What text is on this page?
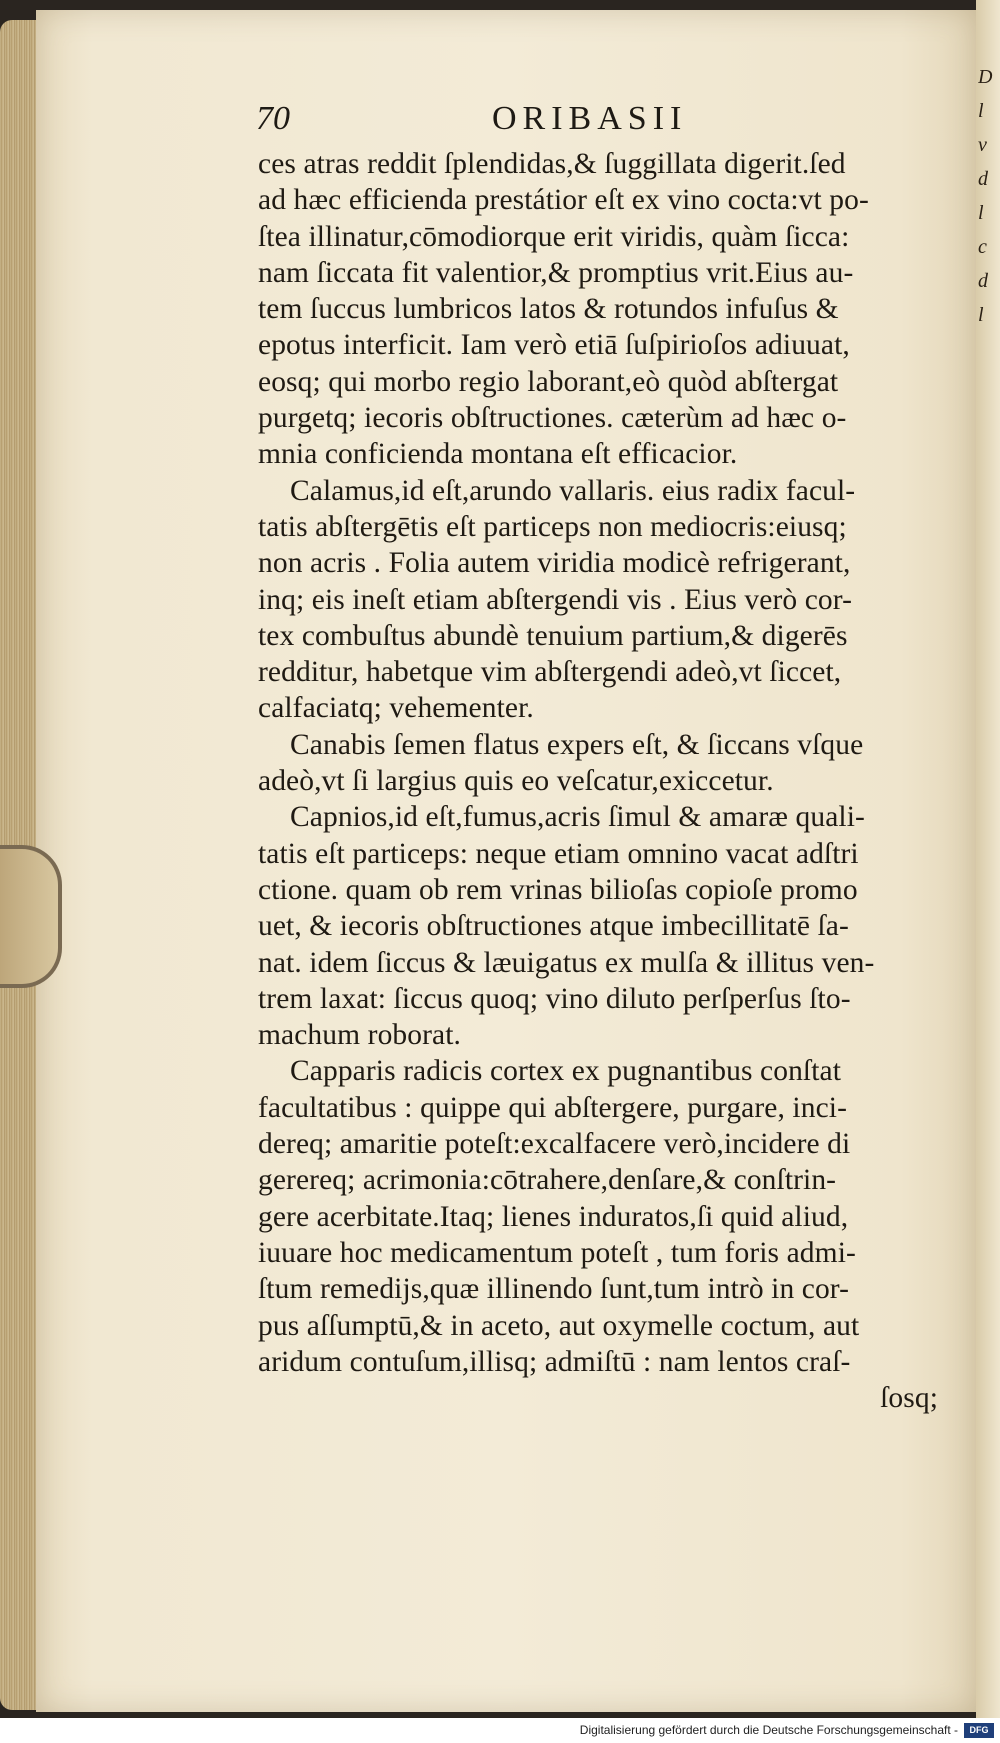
D
l
v
d
l
c
d
l
70	ORIBASII
ces atras reddit ſplendidas,& ſuggillata digerit.ſed
ad hæc efficienda prestátior eſt ex vino cocta:vt po-
ſtea illinatur,cōmodiorque erit viridis, quàm ſicca:
nam ſiccata fit valentior,& promptius vrit.Eius au-
tem ſuccus lumbricos latos & rotundos infuſus &
epotus interficit. Iam verò etiā ſuſpirioſos adiuuat,
eosq; qui morbo regio laborant,eò quòd abſtergat
purgetq; iecoris obſtructiones. cæterùm ad hæc o-
mnia conficienda montana eſt efficacior.
Calamus,id eſt,arundo vallaris. eius radix facul-
tatis abſtergētis eſt particeps non mediocris:eiusq;
non acris . Folia autem viridia modicè refrigerant,
inq; eis ineſt etiam abſtergendi vis . Eius verò cor-
tex combuſtus abundè tenuium partium,& digerēs
redditur, habetque vim abſtergendi adeò,vt ſiccet,
calfaciatq; vehementer.
Canabis ſemen flatus expers eſt, & ſiccans vſque
adeò,vt ſi largius quis eo veſcatur,exiccetur.
Capnios,id eſt,fumus,acris ſimul & amaræ quali-
tatis eſt particeps: neque etiam omnino vacat adſtri
ctione. quam ob rem vrinas bilioſas copioſe promo
uet, & iecoris obſtructiones atque imbecillitatē ſa-
nat. idem ſiccus & læuigatus ex mulſa & illitus ven-
trem laxat: ſiccus quoq; vino diluto perſperſus ſto-
machum roborat.
Capparis radicis cortex ex pugnantibus conſtat
facultatibus : quippe qui abſtergere, purgare, inci-
dereq; amaritie poteſt:excalfacere verò,incidere di
gerereq; acrimonia:cōtrahere,denſare,& conſtrin-
gere acerbitate.Itaq; lienes induratos,ſi quid aliud,
iuuare hoc medicamentum poteſt , tum foris admi-
ſtum remedijs,quæ illinendo ſunt,tum intrò in cor-
pus aſſumptū,& in aceto, aut oxymelle coctum, aut
aridum contuſum,illisq; admiſtū : nam lentos craſ-
ſosq;
Digitalisierung gefördert durch die Deutsche Forschungsgemeinschaft -	DFG
